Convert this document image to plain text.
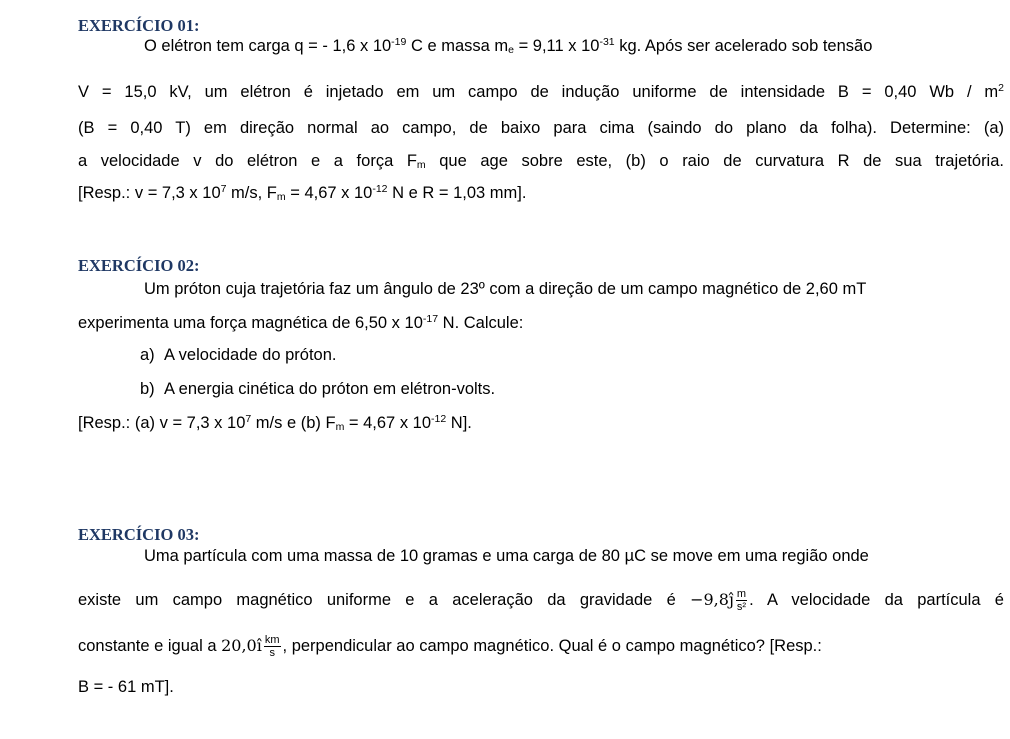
EXERCÍCIO 01:
O elétron tem carga q = - 1,6 x $10^{-19}$ C e massa $m_e = 9,11$ x $10^{-31}$ kg. Após ser acelerado sob tensão
V = 15,0 kV, um elétron é injetado em um campo de indução uniforme de intensidade B = 0,40 Wb / $m^2$
(B = 0,40 T) em direção normal ao campo, de baixo para cima (saindo do plano da folha). Determine: (a)
a velocidade v do elétron e a força $F_m$ que age sobre este, (b) o raio de curvatura R de sua trajetória.
[Resp.: v = 7,3 x $10^7$ m/s, $F_m = 4,67$ x $10^{-12}$ N e R = 1,03 mm].
EXERCÍCIO 02:
Um próton cuja trajetória faz um ângulo de 23º com a direção de um campo magnético de 2,60 mT
experimenta uma força magnética de 6,50 x $10^{-17}$ N. Calcule:
a) A velocidade do próton.
b) A energia cinética do próton em elétron-volts.
[Resp.: (a) v = 7,3 x $10^7$ m/s e (b) $F_m = 4,67$ x $10^{-12}$ N].
EXERCÍCIO 03:
Uma partícula com uma massa de 10 gramas e uma carga de 80 µC se move em uma região onde
existe um campo magnético uniforme e a aceleração da gravidade é −9,8ĵ $\frac{m}{\text{s²}}$ . A velocidade da partícula é
constante e igual a 20,0î $\frac{km}{s}$ , perpendicular ao campo magnético. Qual é o campo magnético? [Resp.:
B = - 61 mT].
